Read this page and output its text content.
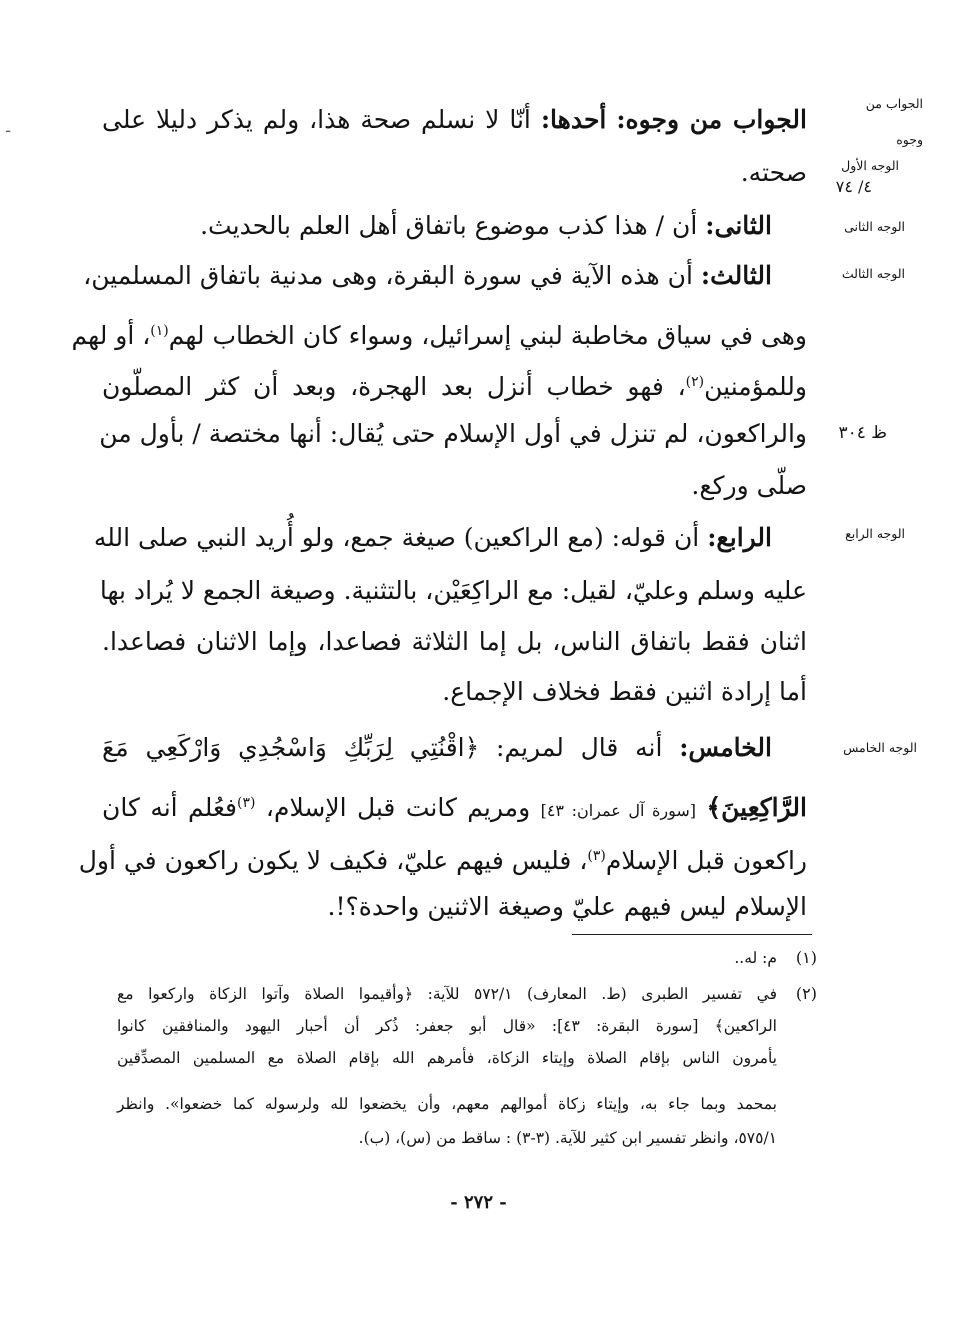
ـ
الجواب من
وجوه
الوجه الأول
٤/ ٧٤
الوجه الثانى
الوجه الثالث
ظ ٣٠٤
الوجه الرابع
الوجه الخامس
الجواب من وجوه: أحدها: أنّا لا نسلم صحة هذا، ولم يذكر دليلا على
صحته.
الثانى: أن / هذا كذب موضوع باتفاق أهل العلم بالحديث.
الثالث: أن هذه الآية في سورة البقرة، وهى مدنية باتفاق المسلمين،
وهى في سياق مخاطبة لبني إسرائيل، وسواء كان الخطاب لهم$^{(١)}$، أو لهم
وللمؤمنين$^{(٢)}$، فهو خطاب أنزل بعد الهجرة، وبعد أن كثر المصلّون
والراكعون، لم تنزل في أول الإسلام حتى يُقال: أنها مختصة / بأول من
صلّى وركع.
الرابع: أن قوله: (مع الراكعين) صيغة جمع، ولو أُريد النبي صلى الله
عليه وسلم وعليّ، لقيل: مع الراكِعَيْن، بالتثنية. وصيغة الجمع لا يُراد بها
اثنان فقط باتفاق الناس، بل إما الثلاثة فصاعدا، وإما الاثنان فصاعدا.
أما إرادة اثنين فقط فخلاف الإجماع.
الخامس: أنه قال لمريم: ﴿اقْنُتِي لِرَبِّكِ وَاسْجُدِي وَارْكَعِي مَعَ
الرَّاكِعِينَ﴾ [سورة آل عمران: ٤٣] ومريم كانت قبل الإسلام، $^{(٣)}$فعُلم أنه كان
راكعون قبل الإسلام$^{(٣)}$، فليس فيهم عليّ، فكيف لا يكون راكعون في أول
الإسلام ليس فيهم عليّ وصيغة الاثنين واحدة؟!.
(١)
م: له..
(٢)
في تفسير الطبرى (ط. المعارف) ٥٧٢/١ للآية: ﴿وأقيموا الصلاة وآتوا الزكاة واركعوا مع
الراكعين﴾ [سورة البقرة: ٤٣]: «قال أبو جعفر: ذُكر أن أحبار اليهود والمنافقين كانوا
يأمرون الناس بإقام الصلاة وإيتاء الزكاة، فأمرهم الله بإقام الصلاة مع المسلمين المصدِّقين
بمحمد وبما جاء به، وإيتاء زكاة أموالهم معهم، وأن يخضعوا لله ولرسوله كما خضعوا». وانظر
٥٧٥/١، وانظر تفسير ابن كثير للآية. (٣-٣) : ساقط من (س)، (ب).
- ٢٧٢ -
